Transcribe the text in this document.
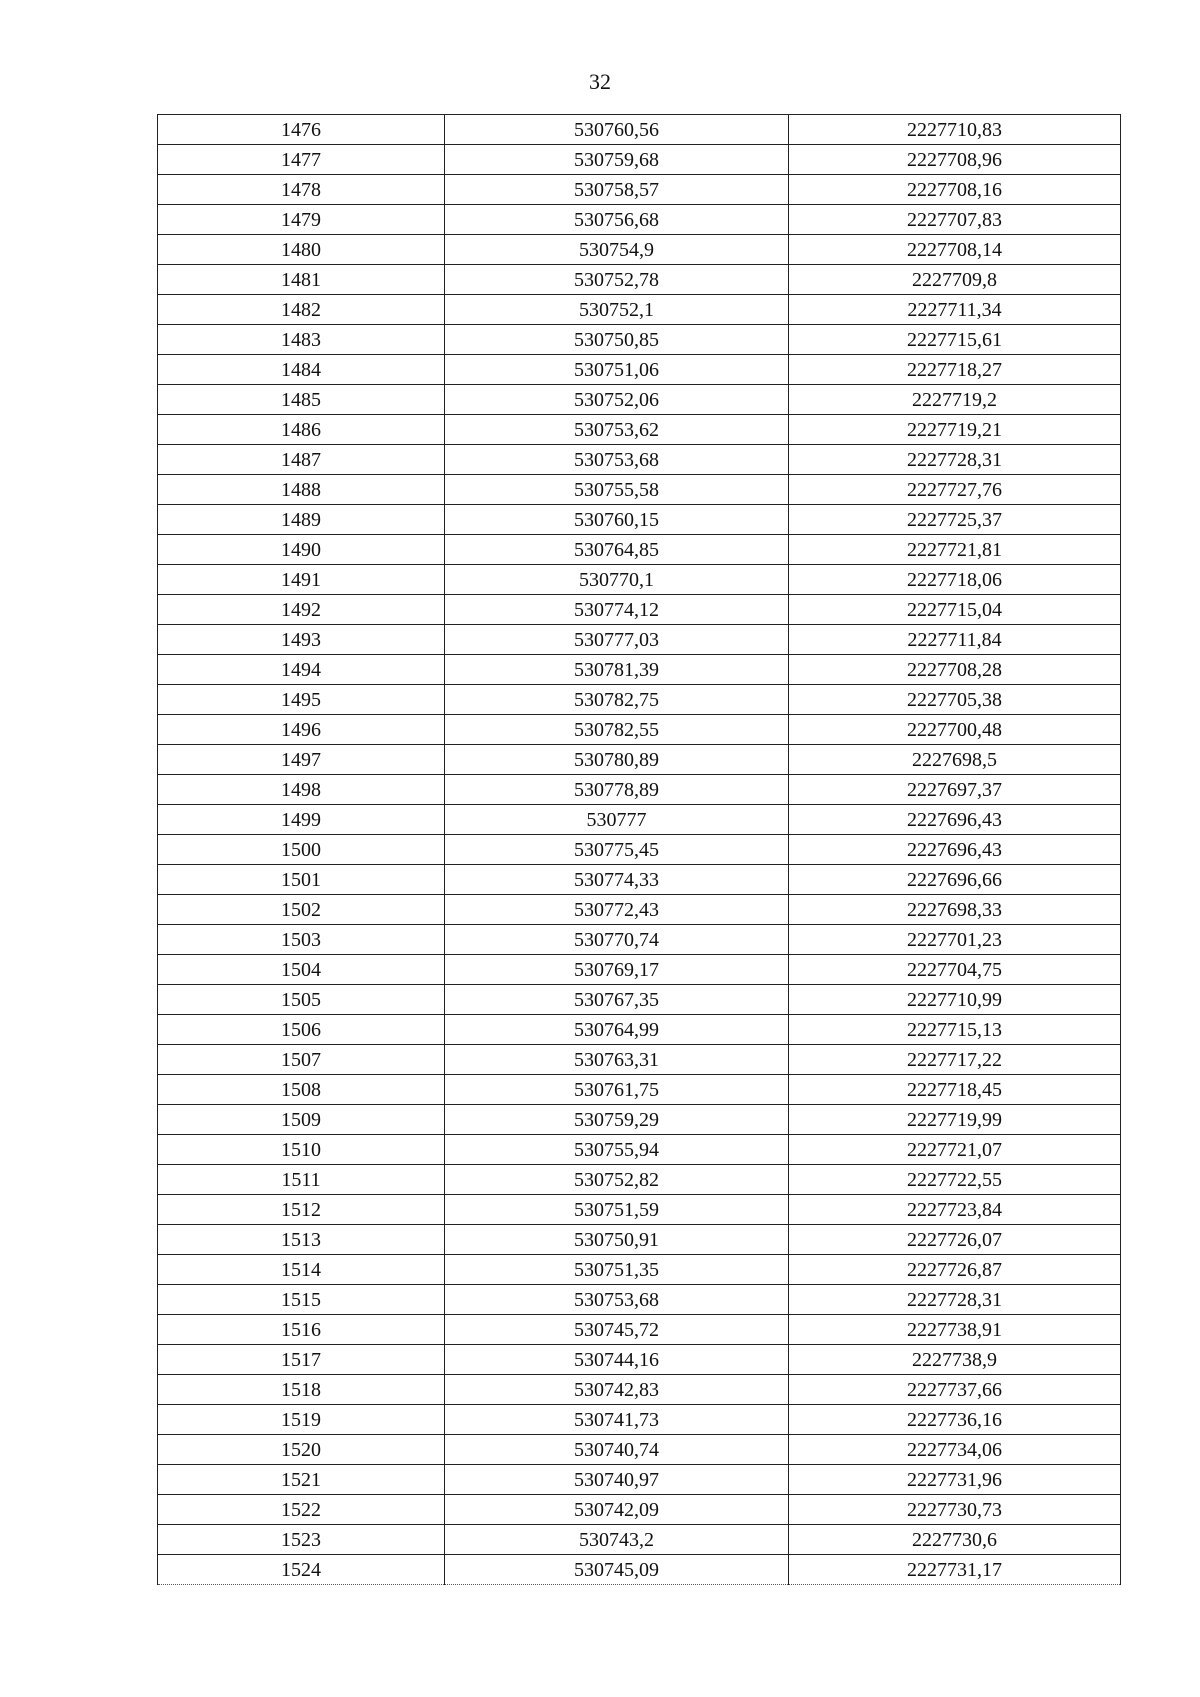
32
1476	530760,56	2227710,83
1477	530759,68	2227708,96
1478	530758,57	2227708,16
1479	530756,68	2227707,83
1480	530754,9	2227708,14
1481	530752,78	2227709,8
1482	530752,1	2227711,34
1483	530750,85	2227715,61
1484	530751,06	2227718,27
1485	530752,06	2227719,2
1486	530753,62	2227719,21
1487	530753,68	2227728,31
1488	530755,58	2227727,76
1489	530760,15	2227725,37
1490	530764,85	2227721,81
1491	530770,1	2227718,06
1492	530774,12	2227715,04
1493	530777,03	2227711,84
1494	530781,39	2227708,28
1495	530782,75	2227705,38
1496	530782,55	2227700,48
1497	530780,89	2227698,5
1498	530778,89	2227697,37
1499	530777	2227696,43
1500	530775,45	2227696,43
1501	530774,33	2227696,66
1502	530772,43	2227698,33
1503	530770,74	2227701,23
1504	530769,17	2227704,75
1505	530767,35	2227710,99
1506	530764,99	2227715,13
1507	530763,31	2227717,22
1508	530761,75	2227718,45
1509	530759,29	2227719,99
1510	530755,94	2227721,07
1511	530752,82	2227722,55
1512	530751,59	2227723,84
1513	530750,91	2227726,07
1514	530751,35	2227726,87
1515	530753,68	2227728,31
1516	530745,72	2227738,91
1517	530744,16	2227738,9
1518	530742,83	2227737,66
1519	530741,73	2227736,16
1520	530740,74	2227734,06
1521	530740,97	2227731,96
1522	530742,09	2227730,73
1523	530743,2	2227730,6
1524	530745,09	2227731,17
